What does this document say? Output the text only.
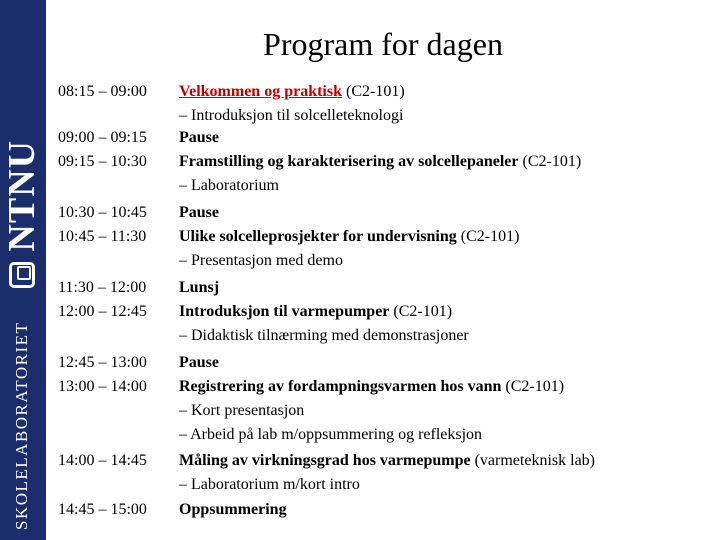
SKOLELABORATORIET
NTNU
Program for dagen
08:15 – 09:00	Velkommen og praktisk (C2-101)
– Introduksjon til solcelleteknologi
09:00 – 09:15	Pause
09:15 – 10:30	Framstilling og karakterisering av solcellepaneler (C2-101)
– Laboratorium
10:30 – 10:45	Pause
10:45 – 11:30	Ulike solcelleprosjekter for undervisning (C2-101)
– Presentasjon med demo
11:30 – 12:00	Lunsj
12:00 – 12:45	Introduksjon til varmepumper (C2-101)
– Didaktisk tilnærming med demonstrasjoner
12:45 – 13:00	Pause
13:00 – 14:00	Registrering av fordampningsvarmen hos vann (C2-101)
– Kort presentasjon
– Arbeid på lab m/oppsummering og refleksjon
14:00 – 14:45	Måling av virkningsgrad hos varmepumpe (varmeteknisk lab)
– Laboratorium m/kort intro
14:45 – 15:00	Oppsummering
